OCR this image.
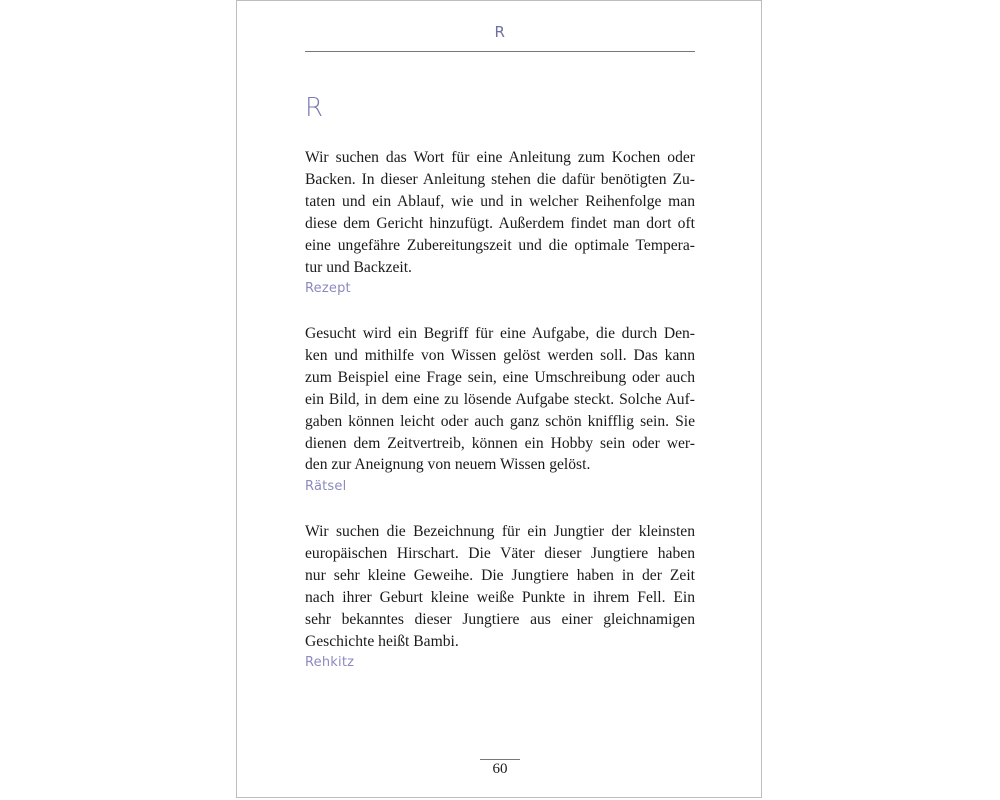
R
R

Wir suchen das Wort für eine Anleitung zum Kochen oder
Backen. In dieser Anleitung stehen die dafür benötigten Zu-
taten und ein Ablauf, wie und in welcher Reihenfolge man
diese dem Gericht hinzufügt. Außerdem findet man dort oft
eine ungefähre Zubereitungszeit und die optimale Tempera-
tur und Backzeit.

Rezept

Gesucht wird ein Begriff für eine Aufgabe, die durch Den-
ken und mithilfe von Wissen gelöst werden soll. Das kann
zum Beispiel eine Frage sein, eine Umschreibung oder auch
ein Bild, in dem eine zu lösende Aufgabe steckt. Solche Auf-
gaben können leicht oder auch ganz schön knifflig sein. Sie
dienen dem Zeitvertreib, können ein Hobby sein oder wer-
den zur Aneignung von neuem Wissen gelöst.

Rätsel

Wir suchen die Bezeichnung für ein Jungtier der kleinsten
europäischen Hirschart. Die Väter dieser Jungtiere haben
nur sehr kleine Geweihe. Die Jungtiere haben in der Zeit
nach ihrer Geburt kleine weiße Punkte in ihrem Fell. Ein
sehr bekanntes dieser Jungtiere aus einer gleichnamigen
Geschichte heißt Bambi.

Rehkitz
60
